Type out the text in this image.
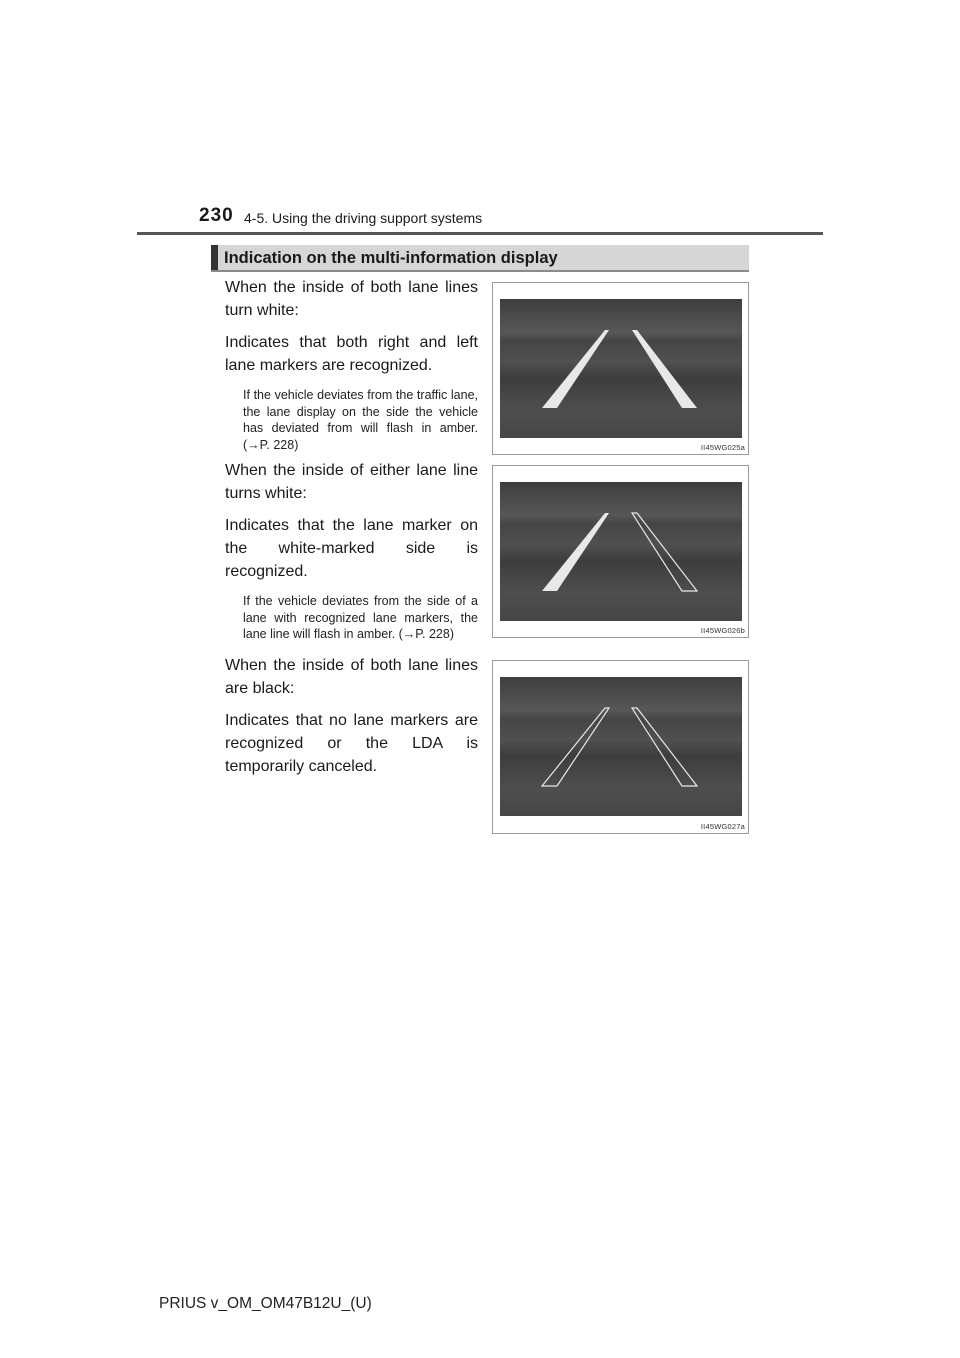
230 4-5. Using the driving support systems
Indication on the multi-information display

When the inside of both lane lines turn white:

Indicates that both right and left lane markers are recognized.

If the vehicle deviates from the traffic lane, the lane display on the side the vehicle has deviated from will flash in amber. (→P. 228)	II45WG025a

When the inside of either lane line turns white:

Indicates that the lane marker on the white-marked side is recognized.

If the vehicle deviates from the side of a lane with recognized lane markers, the lane line will flash in amber. (→P. 228)	II45WG026b

When the inside of both lane lines are black:

Indicates that no lane markers are recognized or the LDA is temporarily canceled.

II45WG027a
PRIUS v_OM_OM47B12U_(U)
